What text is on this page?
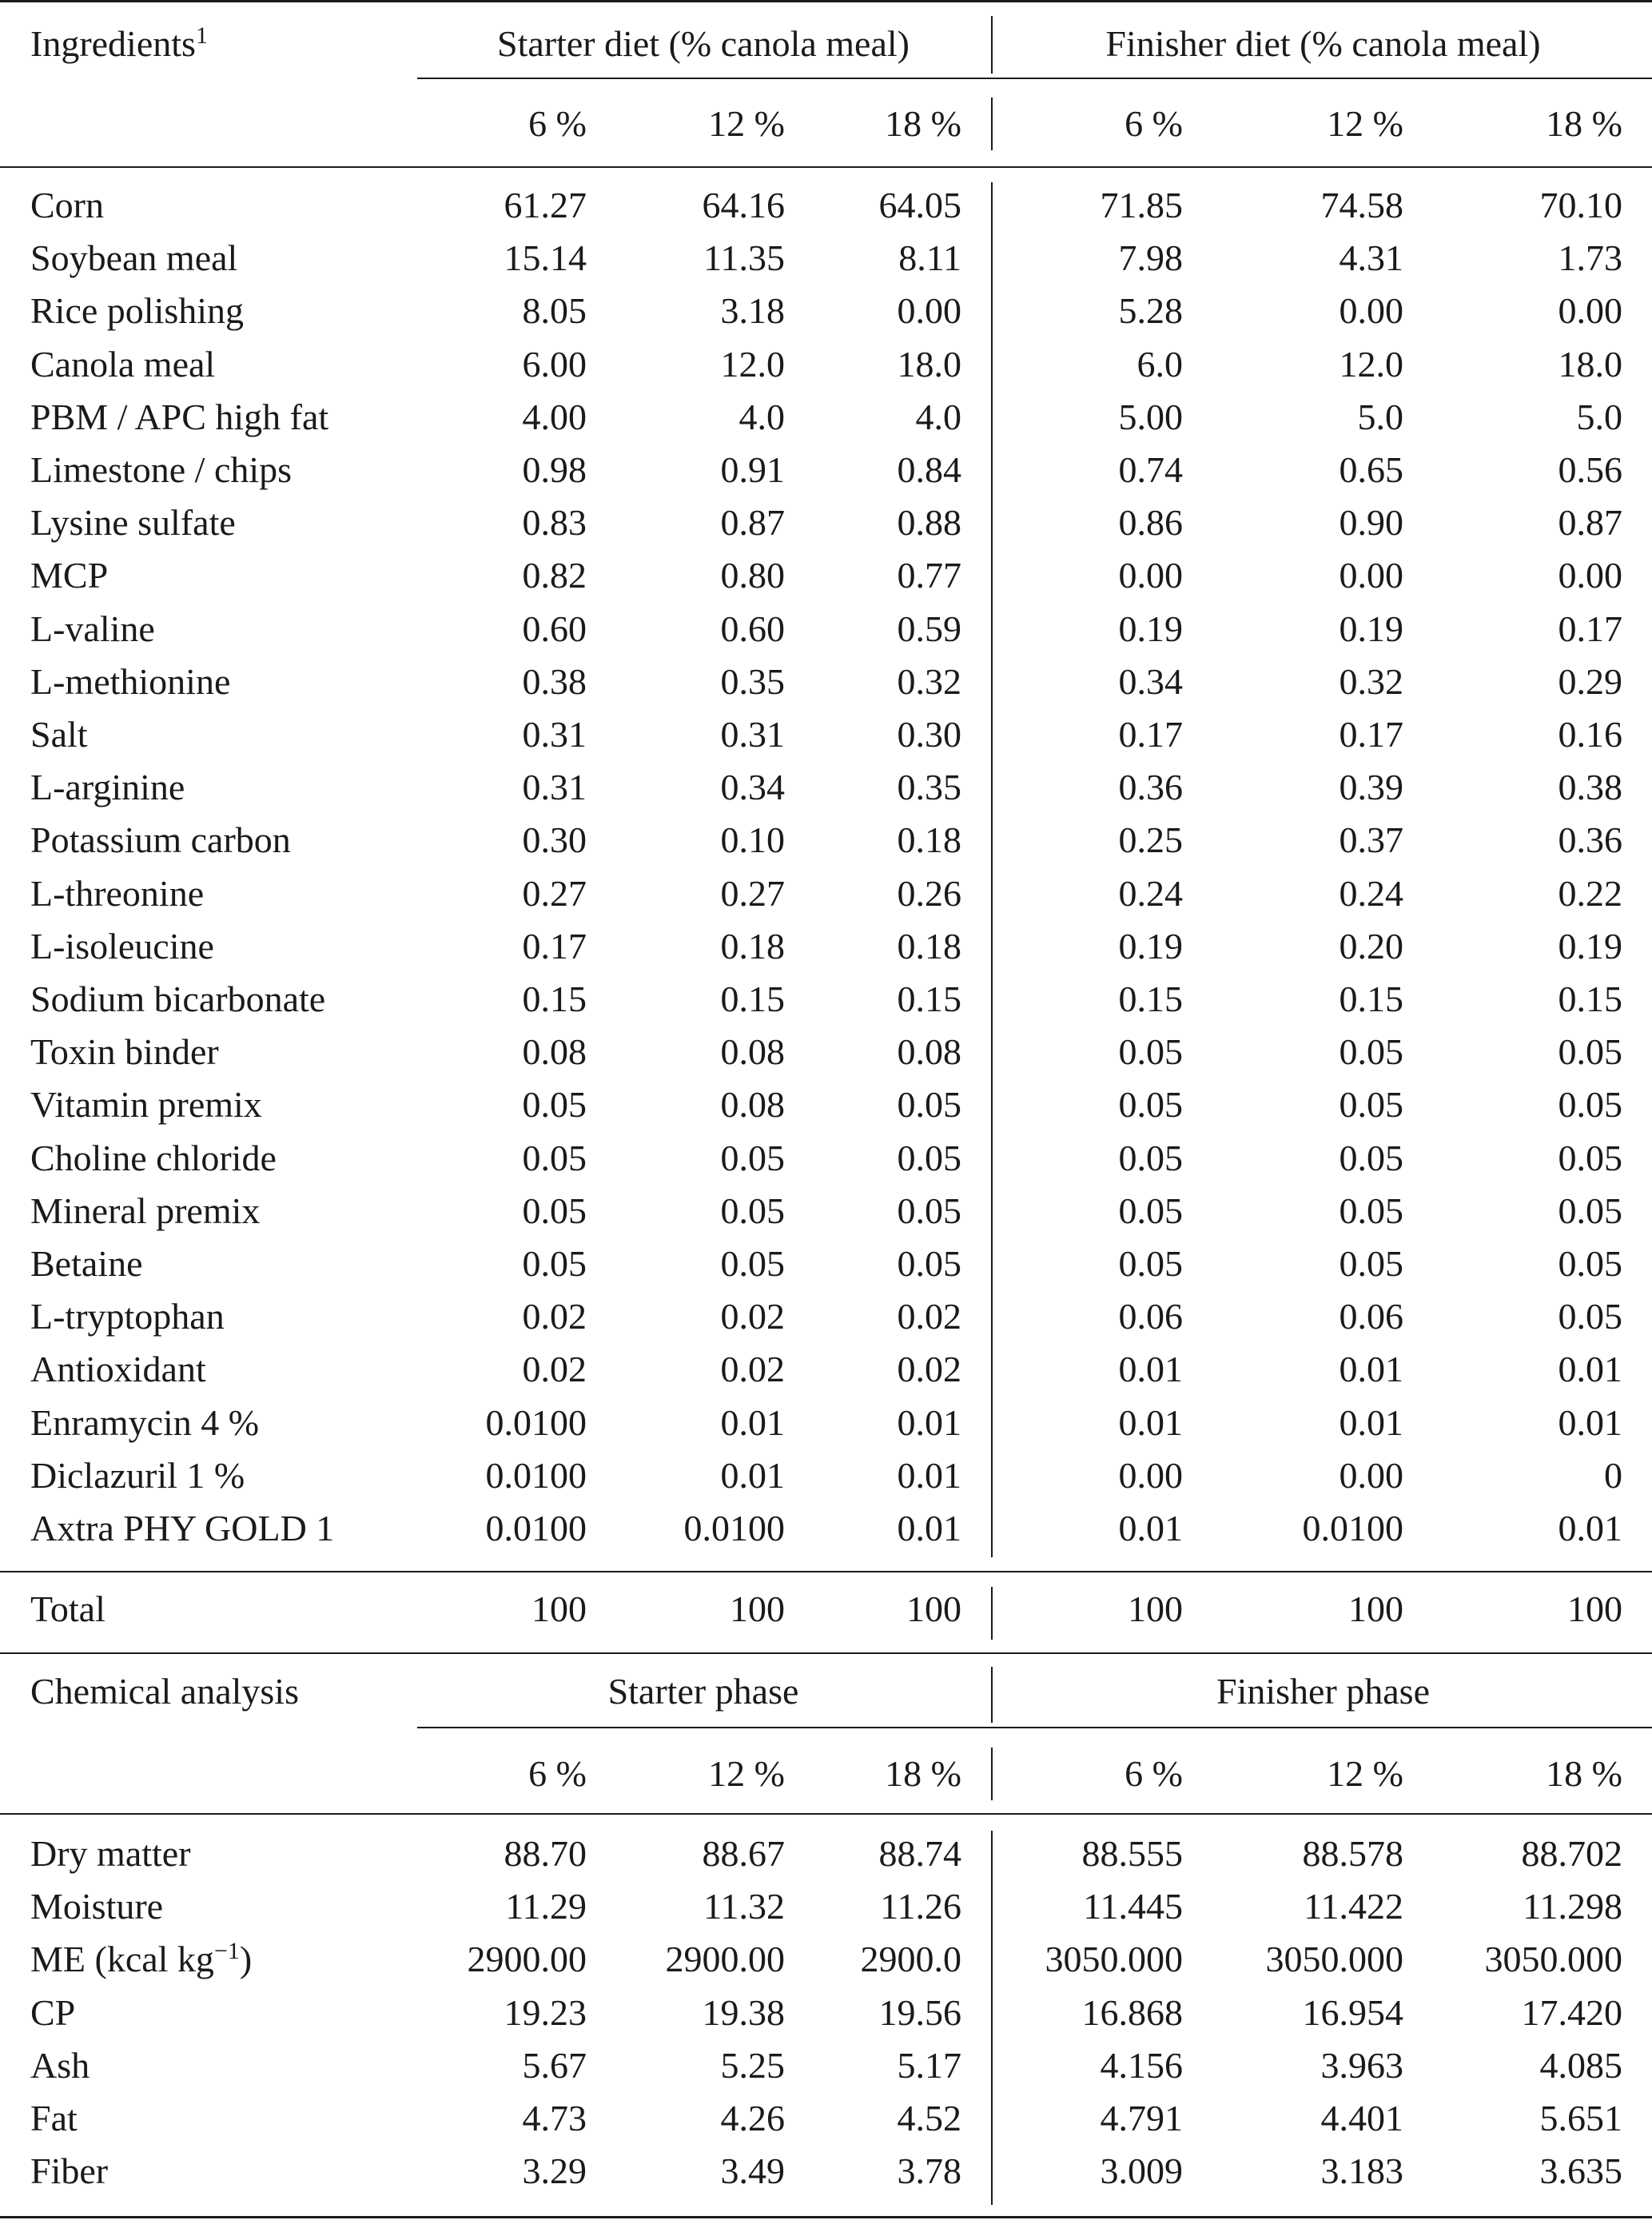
Ingredients$^1$	Starter diet (% canola meal)	Finisher diet (% canola meal)
6 %	12 %	18 %	6 %	12 %	18 %
Corn	61.27	64.16	64.05	71.85	74.58	70.10
Soybean meal	15.14	11.35	8.11	7.98	4.31	1.73
Rice polishing	8.05	3.18	0.00	5.28	0.00	0.00
Canola meal	6.00	12.0	18.0	6.0	12.0	18.0
PBM / APC high fat	4.00	4.0	4.0	5.00	5.0	5.0
Limestone / chips	0.98	0.91	0.84	0.74	0.65	0.56
Lysine sulfate	0.83	0.87	0.88	0.86	0.90	0.87
MCP	0.82	0.80	0.77	0.00	0.00	0.00
L-valine	0.60	0.60	0.59	0.19	0.19	0.17
L-methionine	0.38	0.35	0.32	0.34	0.32	0.29
Salt	0.31	0.31	0.30	0.17	0.17	0.16
L-arginine	0.31	0.34	0.35	0.36	0.39	0.38
Potassium carbon	0.30	0.10	0.18	0.25	0.37	0.36
L-threonine	0.27	0.27	0.26	0.24	0.24	0.22
L-isoleucine	0.17	0.18	0.18	0.19	0.20	0.19
Sodium bicarbonate	0.15	0.15	0.15	0.15	0.15	0.15
Toxin binder	0.08	0.08	0.08	0.05	0.05	0.05
Vitamin premix	0.05	0.08	0.05	0.05	0.05	0.05
Choline chloride	0.05	0.05	0.05	0.05	0.05	0.05
Mineral premix	0.05	0.05	0.05	0.05	0.05	0.05
Betaine	0.05	0.05	0.05	0.05	0.05	0.05
L-tryptophan	0.02	0.02	0.02	0.06	0.06	0.05
Antioxidant	0.02	0.02	0.02	0.01	0.01	0.01
Enramycin 4 %	0.0100	0.01	0.01	0.01	0.01	0.01
Diclazuril 1 %	0.0100	0.01	0.01	0.00	0.00	0
Axtra PHY GOLD 1	0.0100	0.0100	0.01	0.01	0.0100	0.01
Total	100	100	100	100	100	100
Chemical analysis	Starter phase	Finisher phase
6 %	12 %	18 %	6 %	12 %	18 %
Dry matter	88.70	88.67	88.74	88.555	88.578	88.702
Moisture	11.29	11.32	11.26	11.445	11.422	11.298
ME (kcal $kg^{-1}$)	2900.00	2900.00	2900.0	3050.000	3050.000	3050.000
CP	19.23	19.38	19.56	16.868	16.954	17.420
Ash	5.67	5.25	5.17	4.156	3.963	4.085
Fat	4.73	4.26	4.52	4.791	4.401	5.651
Fiber	3.29	3.49	3.78	3.009	3.183	3.635
